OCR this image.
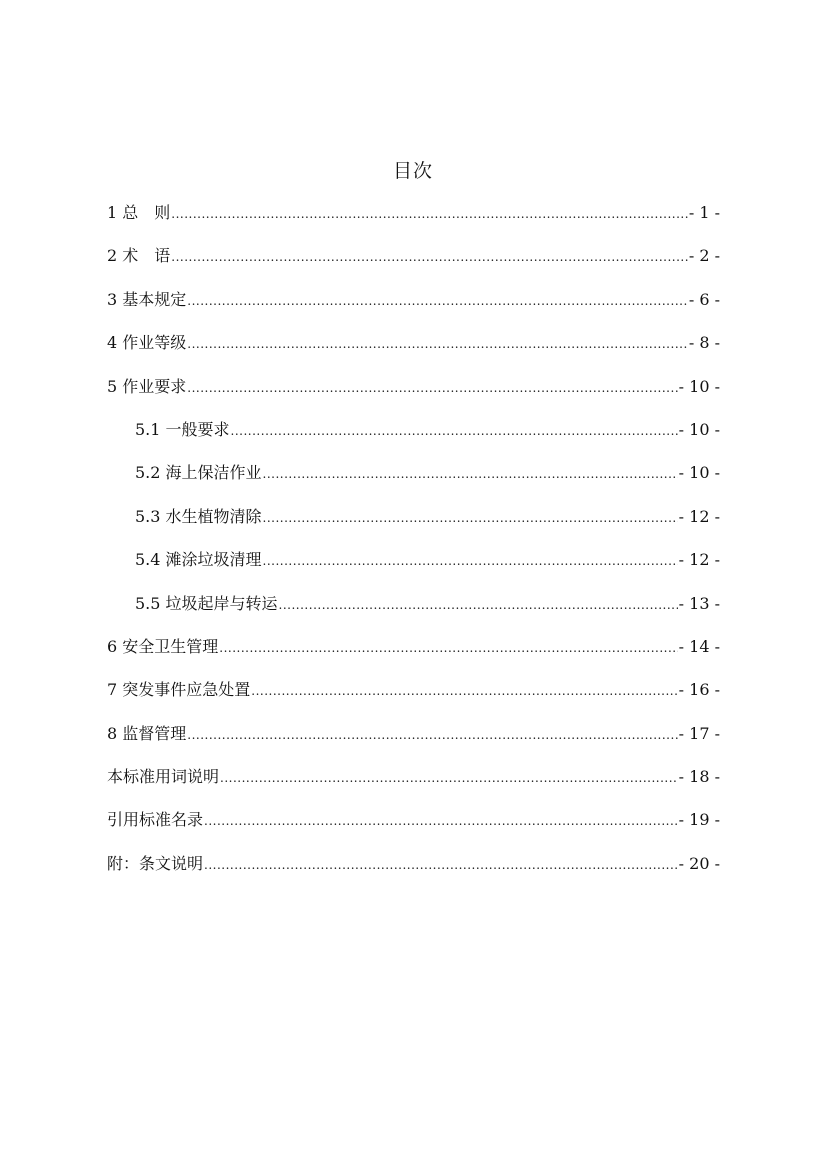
目次
1 总　则 .....	- 1 -
2 术　语 .....	- 2 -
3 基本规定 .....	- 6 -
4 作业等级 .....	- 8 -
5 作业要求 .....	- 10 -
5.1 一般要求 .....	- 10 -
5.2 海上保洁作业 .....	- 10 -
5.3 水生植物清除 .....	- 12 -
5.4 滩涂垃圾清理 .....	- 12 -
5.5 垃圾起岸与转运 .....	- 13 -
6 安全卫生管理 .....	- 14 -
7 突发事件应急处置 .....	- 16 -
8 监督管理 .....	- 17 -
本标准用词说明 .....	- 18 -
引用标准名录 .....	- 19 -
附：条文说明 .....	- 20 -
